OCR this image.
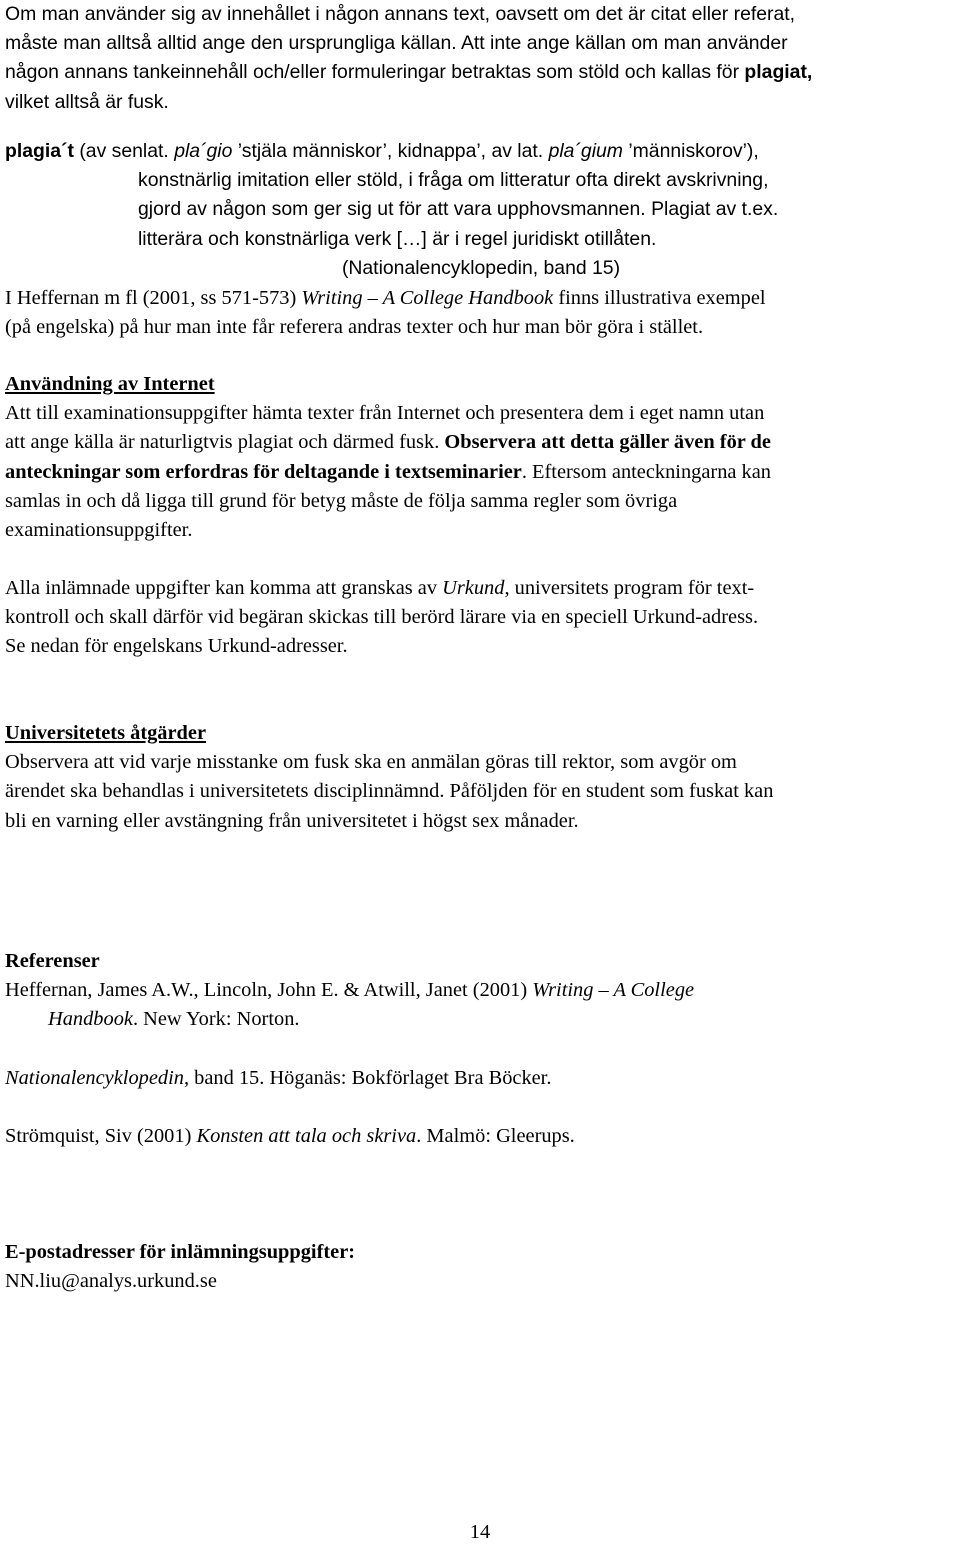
Om man använder sig av innehållet i någon annans text, oavsett om det är citat eller referat,

måste man alltså alltid ange den ursprungliga källan. Att inte ange källan om man använder

någon annans tankeinnehåll och/eller formuleringar betraktas som stöld och kallas för plagiat,

vilket alltså är fusk.

plagia´t (av senlat. pla´gio ’stjäla människor’, kidnappa’, av lat. pla´gium ’människorov’),

konstnärlig imitation eller stöld, i fråga om litteratur ofta direkt avskrivning,

gjord av någon som ger sig ut för att vara upphovsmannen. Plagiat av t.ex.

litterära och konstnärliga verk […] är i regel juridiskt otillåten.

(Nationalencyklopedin, band 15)

I Heffernan m fl (2001, ss 571-573) Writing – A College Handbook finns illustrativa exempel

(på engelska) på hur man inte får referera andras texter och hur man bör göra i stället.

Användning av Internet

Att till examinationsuppgifter hämta texter från Internet och presentera dem i eget namn utan

att ange källa är naturligtvis plagiat och därmed fusk. Observera att detta gäller även för de

anteckningar som erfordras för deltagande i textseminarier. Eftersom anteckningarna kan

samlas in och då ligga till grund för betyg måste de följa samma regler som övriga

examinationsuppgifter.

Alla inlämnade uppgifter kan komma att granskas av Urkund, universitets program för text-

kontroll och skall därför vid begäran skickas till berörd lärare via en speciell Urkund-adress.

Se nedan för engelskans Urkund-adresser.

Universitetets åtgärder

Observera att vid varje misstanke om fusk ska en anmälan göras till rektor, som avgör om

ärendet ska behandlas i universitetets disciplinnämnd. Påföljden för en student som fuskat kan

bli en varning eller avstängning från universitetet i högst sex månader.

Referenser

Heffernan, James A.W., Lincoln, John E. & Atwill, Janet (2001) Writing – A College

Handbook. New York: Norton.

Nationalencyklopedin, band 15. Höganäs: Bokförlaget Bra Böcker.

Strömquist, Siv (2001) Konsten att tala och skriva. Malmö: Gleerups.

E-postadresser för inlämningsuppgifter:

NN.liu@analys.urkund.se

14
